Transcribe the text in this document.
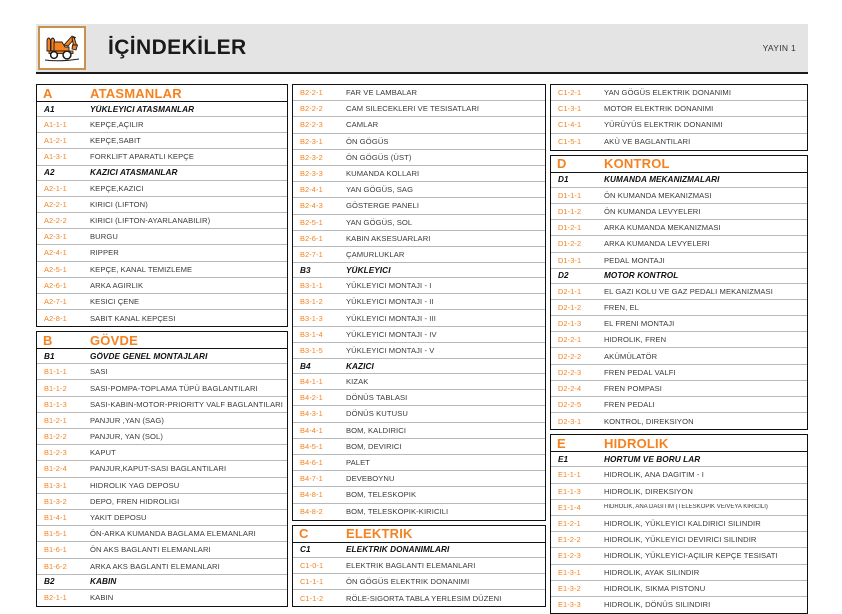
İÇİNDEKİLER	YAYIN 1
A	ATASMANLAR
A1	YÜKLEYICI ATASMANLAR
A1-1-1	KEPÇE,AÇILIR
A1-2-1	KEPÇE,SABIT
A1-3-1	FORKLIFT APARATLI KEPÇE
A2	KAZICI ATASMANLAR
A2-1-1	KEPÇE,KAZICI
A2-2-1	KIRICI (LIFTON)
A2-2-2	KIRICI (LIFTON-AYARLANABILIR)
A2-3-1	BURGU
A2-4-1	RIPPER
A2-5-1	KEPÇE, KANAL TEMIZLEME
A2-6-1	ARKA AGIRLIK
A2-7-1	KESICI ÇENE
A2-8-1	SABIT KANAL KEPÇESI
B	GÖVDE
B1	GÖVDE GENEL MONTAJLARI
B1-1-1	SASI
B1-1-2	SASI-POMPA-TOPLAMA TÜPÜ BAGLANTILARI
B1-1-3	SASI-KABIN-MOTOR-PRIORITY VALF BAGLANTILARI
B1-2-1	PANJUR ,YAN (SAG)
B1-2-2	PANJUR, YAN (SOL)
B1-2-3	KAPUT
B1-2-4	PANJUR,KAPUT-SASI BAGLANTILARI
B1-3-1	HIDROLIK YAG DEPOSU
B1-3-2	DEPO, FREN HIDROLIGI
B1-4-1	YAKIT DEPOSU
B1-5-1	ÖN-ARKA KUMANDA BAGLAMA ELEMANLARI
B1-6-1	ÖN AKS BAGLANTI ELEMANLARI
B1-6-2	ARKA AKS BAGLANTI ELEMANLARI
B2	KABIN
B2-1-1	KABIN
B2-2-1	FAR VE LAMBALAR
B2-2-2	CAM SILECEKLERI VE TESISATLARI
B2-2-3	CAMLAR
B2-3-1	ÖN GÖGÜS
B2-3-2	ÖN GÖGÜS (ÜST)
B2-3-3	KUMANDA KOLLARI
B2-4-1	YAN GÖGÜS, SAG
B2-4-3	GÖSTERGE PANELI
B2-5-1	YAN GÖGÜS, SOL
B2-6-1	KABIN AKSESUARLARI
B2-7-1	ÇAMURLUKLAR
B3	YÜKLEYICI
B3-1-1	YÜKLEYICI MONTAJI - I
B3-1-2	YÜKLEYICI MONTAJI - II
B3-1-3	YÜKLEYICI MONTAJI - III
B3-1-4	YÜKLEYICI MONTAJI - IV
B3-1-5	YÜKLEYICI MONTAJI - V
B4	KAZICI
B4-1-1	KIZAK
B4-2-1	DÖNÜS TABLASI
B4-3-1	DÖNÜS KUTUSU
B4-4-1	BOM, KALDIRICI
B4-5-1	BOM, DEVIRICI
B4-6-1	PALET
B4-7-1	DEVEBOYNU
B4-8-1	BOM, TELESKOPIK
B4-8-2	BOM, TELESKOPIK-KIRICILI
C	ELEKTRIK
C1	ELEKTRIK DONANIMLARI
C1-0-1	ELEKTRIK BAGLANTI ELEMANLARI
C1-1-1	ÖN GÖGÜS ELEKTRIK DONANIMI
C1-1-2	RÖLE-SIGORTA TABLA YERLESIM DÜZENI
C1-2-1	YAN GÖGÜS ELEKTRIK DONANIMI
C1-3-1	MOTOR ELEKTRIK DONANIMI
C1-4-1	YÜRÜYÜS ELEKTRIK DONANIMI
C1-5-1	AKÜ VE BAGLANTILARI
D	KONTROL
D1	KUMANDA MEKANIZMALARI
D1-1-1	ÖN KUMANDA MEKANIZMASI
D1-1-2	ÖN KUMANDA LEVYELERI
D1-2-1	ARKA KUMANDA MEKANIZMASI
D1-2-2	ARKA KUMANDA LEVYELERI
D1-3-1	PEDAL MONTAJI
D2	MOTOR KONTROL
D2-1-1	EL GAZI KOLU VE GAZ PEDALI MEKANIZMASI
D2-1-2	FREN, EL
D2-1-3	EL FRENI MONTAJI
D2-2-1	HIDROLIK, FREN
D2-2-2	AKÜMÜLATÖR
D2-2-3	FREN PEDAL VALFI
D2-2-4	FREN POMPASI
D2-2-5	FREN PEDALI
D2-3-1	KONTROL, DIREKSIYON
E	HIDROLIK
E1	HORTUM VE BORU LAR
E1-1-1	HIDROLIK, ANA DAGITIM - I
E1-1-3	HIDROLIK, DIREKSIYON
E1-1-4	HIDROLIK, ANA DAGITIM (TELESKOPIK VE/VEYA KIRICILI)
E1-2-1	HIDROLIK, YÜKLEYICI KALDIRICI SILINDIR
E1-2-2	HIDROLIK, YÜKLEYICI DEVIRICI SILINDIR
E1-2-3	HIDROLIK, YÜKLEYICI-AÇILIR KEPÇE TESISATI
E1-3-1	HIDROLIK, AYAK SILINDIR
E1-3-2	HIDROLIK, SIKMA PISTONU
E1-3-3	HIDROLIK, DÖNÜS SILINDIRI
